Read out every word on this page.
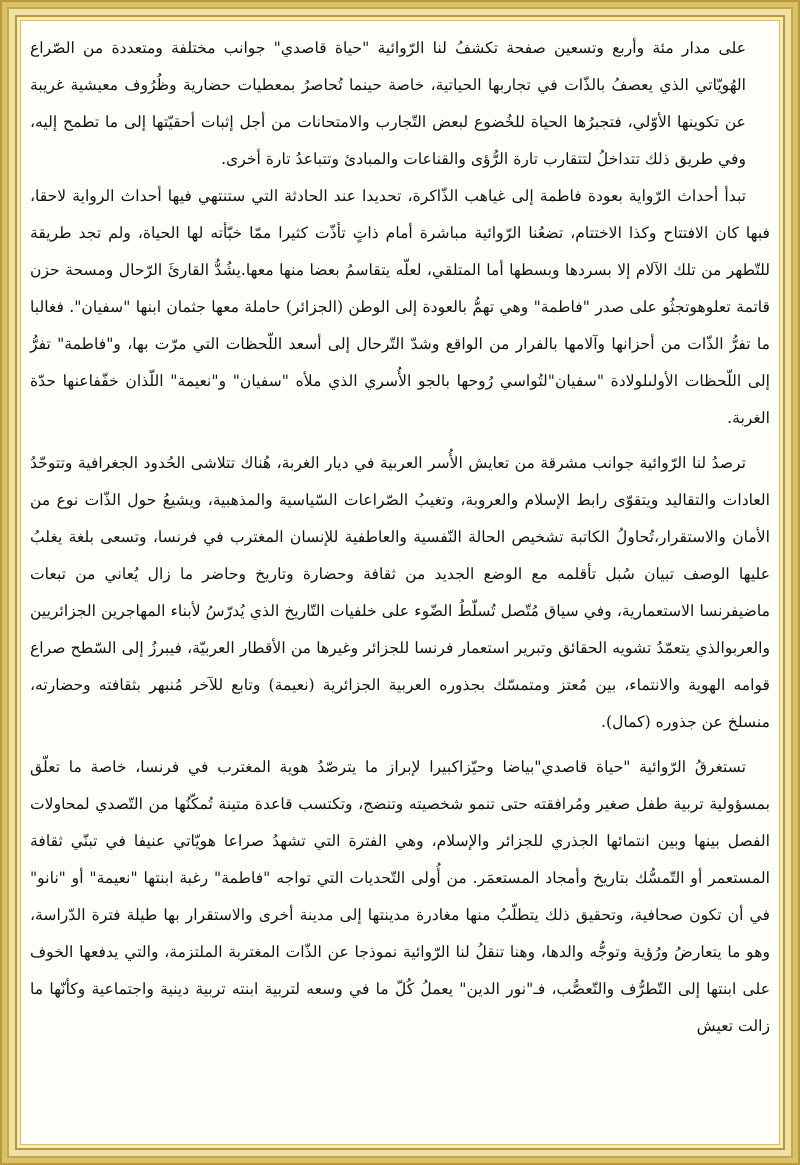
على مدار مئة وأربع وتسعين صفحة تكشفُ لنا الرّوائية "حياة قاصدي" جوانب مختلفة ومتعددة من الصّراع الهُويّاتي الذي يعصفُ بالذّات في تجاربها الحياتية، خاصة حينما تُحاصرُ بمعطيات حضارية وظُرُوف معيشية غريبة عن تكوينها الأوّلي، فتجبرُها الحياة للخُضوع لبعض التّجارب والامتحانات من أجل إثبات أحقيّتها إلى ما تطمح إليه، وفي طريق ذلك تتداخلُ لتتقارب تارة الرُّؤى والقناعات والمبادئ وتتباعدُ تارة أخرى.

تبدأ أحداث الرّواية بعودة فاطمة إلى غياهب الذّاكرة، تحديدا عند الحادثة التي ستنتهي فيها أحداث الرواية لاحقا، فبها كان الافتتاح وكذا الاختتام، تضعُنا الرّوائية مباشرة أمام ذاتٍ تأذّت كثيرا ممّا خبّأته لها الحياة، ولم تجد طريقة للتّطهر من تلك الآلام إلا بسردها وبسطها أما المتلقي، لعلّه يتقاسمُ بعضا منها معها.يشُدُّ القارئَ الرّحال ومسحة حزن قاتمة تعلوهوتجثُو على صدر "فاطمة" وهي تهمُّ بالعودة إلى الوطن (الجزائر) حاملة معها جثمان ابنها "سفيان". فغالبا ما تفرُّ الذّات من أحزانها وآلامها بالفرار من الواقع وشدّ التّرحال إلى أسعد اللّحظات التي مرّت بها، و"فاطمة" تفرُّ إلى اللّحظات الأولىلولادة "سفيان"لتُواسي رُوحها بالجو الأُسري الذي ملأه "سفيان" و"نعيمة" اللّذان خفّفاعنها حدّة الغربة.

ترصدُ لنا الرّوائية جوانب مشرقة من تعايش الأُسر العربية في ديار الغربة، هُناك تتلاشى الحُدود الجغرافية وتتوحّدُ العادات والتقاليد ويتقوّى رابط الإسلام والعروبة، وتغيبُ الصّراعات السّياسية والمذهبية، ويشيعُ حول الذّات نوع من الأمان والاستقرار،تُحاولُ الكاتبة تشخيص الحالة النّفسية والعاطفية للإنسان المغترب في فرنسا، وتسعى بلغة يغلبُ عليها الوصف تبيان سُبل تأقلمه مع الوضع الجديد من ثقافة وحضارة وتاريخ وحاضر ما زال يُعاني من تبعات ماضيفرنسا الاستعمارية، وفي سياق مُتّصل تُسلّطُ الضّوء على خلفيات التّاريخ الذي يُدرّسُ لأبناء المهاجرين الجزائريين والعربوالذي يتعمّدُ تشويه الحقائق وتبرير استعمار فرنسا للجزائر وغيرها من الأقطار العربيّة، فيبرزُ إلى السّطح صراع قوامه الهوية والانتماء، بين مُعتز ومتمسّك بجذوره العربية الجزائرية (نعيمة) وتابع للآخر مُنبهر بثقافته وحضارته، منسلخ عن جذوره (كمال).

تستغرقُ الرّوائية "حياة قاصدي"بياضا وحيّزاكبيرا لإبراز ما يترصّدُ هوية المغترب في فرنسا، خاصة ما تعلّق بمسؤولية تربية طفل صغير ومُرافقته حتى تنمو شخصيته وتنضج، وتكتسب قاعدة متينة تُمكّنُها من التّصدي لمحاولات الفصل بينها وبين انتمائها الجذري للجزائر والإسلام، وهي الفترة التي تشهدُ صراعا هويّاتي عنيفا في تبنّي ثقافة المستعمر أو التّمسُّك بتاريخ وأمجاد المستعمَر. من أُولى التّحديات التي تواجه "فاطمة" رغبة ابنتها "نعيمة" أو "نانو" في أن تكون صحافية، وتحقيق ذلك يتطلّبُ منها مغادرة مدينتها إلى مدينة أخرى والاستقرار بها طيلة فترة الدّراسة، وهو ما يتعارضُ ورُؤية وتوجُّه والدها، وهنا تنقلُ لنا الرّوائية نموذجا عن الذّات المغتربة الملتزمة، والتي يدفعها الخوف على ابنتها إلى التّطرُّف والتّعصُّب، فـ"نور الدين" يعملُ كُلّ ما في وسعه لتربية ابنته تربية دينية واجتماعية وكأنّها ما زالت تعيش
